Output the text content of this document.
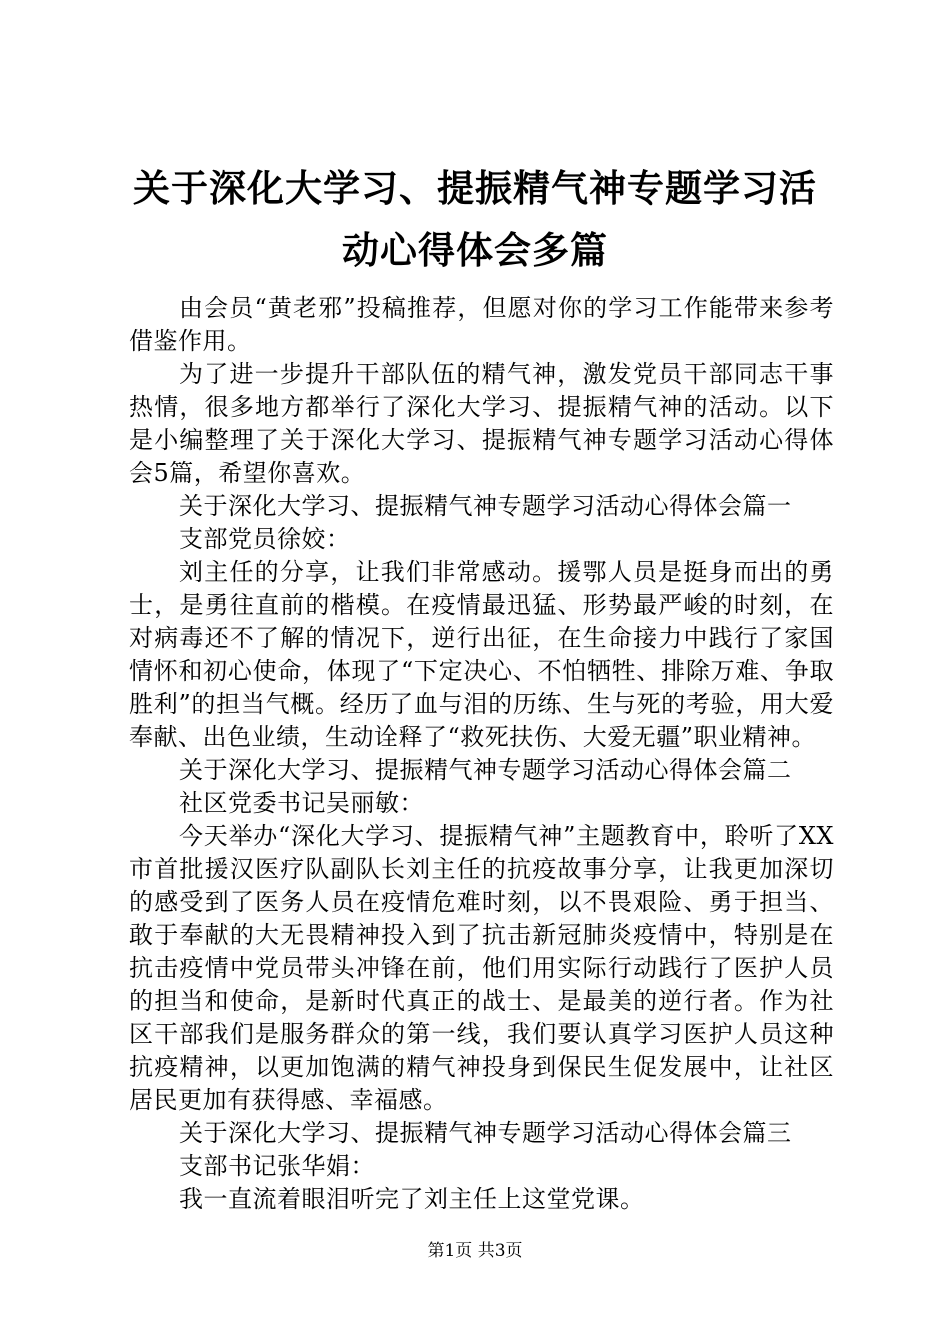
关于深化大学习、提振精气神专题学习活动心得体会多篇

由会员“黄老邪”投稿推荐，但愿对你的学习工作能带来参考借鉴作用。

为了进一步提升干部队伍的精气神，激发党员干部同志干事热情，很多地方都举行了深化大学习、提振精气神的活动。以下是小编整理了关于深化大学习、提振精气神专题学习活动心得体会5篇，希望你喜欢。

关于深化大学习、提振精气神专题学习活动心得体会篇一

支部党员徐姣：

刘主任的分享，让我们非常感动。援鄂人员是挺身而出的勇士，是勇往直前的楷模。在疫情最迅猛、形势最严峻的时刻，在对病毒还不了解的情况下，逆行出征，在生命接力中践行了家国情怀和初心使命，体现了“下定决心、不怕牺牲、排除万难、争取胜利”的担当气概。经历了血与泪的历练、生与死的考验，用大爱奉献、出色业绩，生动诠释了“救死扶伤、大爱无疆”职业精神。

关于深化大学习、提振精气神专题学习活动心得体会篇二

社区党委书记吴丽敏：

今天举办“深化大学习、提振精气神”主题教育中，聆听了XX市首批援汉医疗队副队长刘主任的抗疫故事分享，让我更加深切的感受到了医务人员在疫情危难时刻，以不畏艰险、勇于担当、敢于奉献的大无畏精神投入到了抗击新冠肺炎疫情中，特别是在抗击疫情中党员带头冲锋在前，他们用实际行动践行了医护人员的担当和使命，是新时代真正的战士、是最美的逆行者。作为社区干部我们是服务群众的第一线，我们要认真学习医护人员这种抗疫精神，以更加饱满的精气神投身到保民生促发展中，让社区居民更加有获得感、幸福感。

关于深化大学习、提振精气神专题学习活动心得体会篇三

支部书记张华娟：

我一直流着眼泪听完了刘主任上这堂党课。

第1页 共3页
